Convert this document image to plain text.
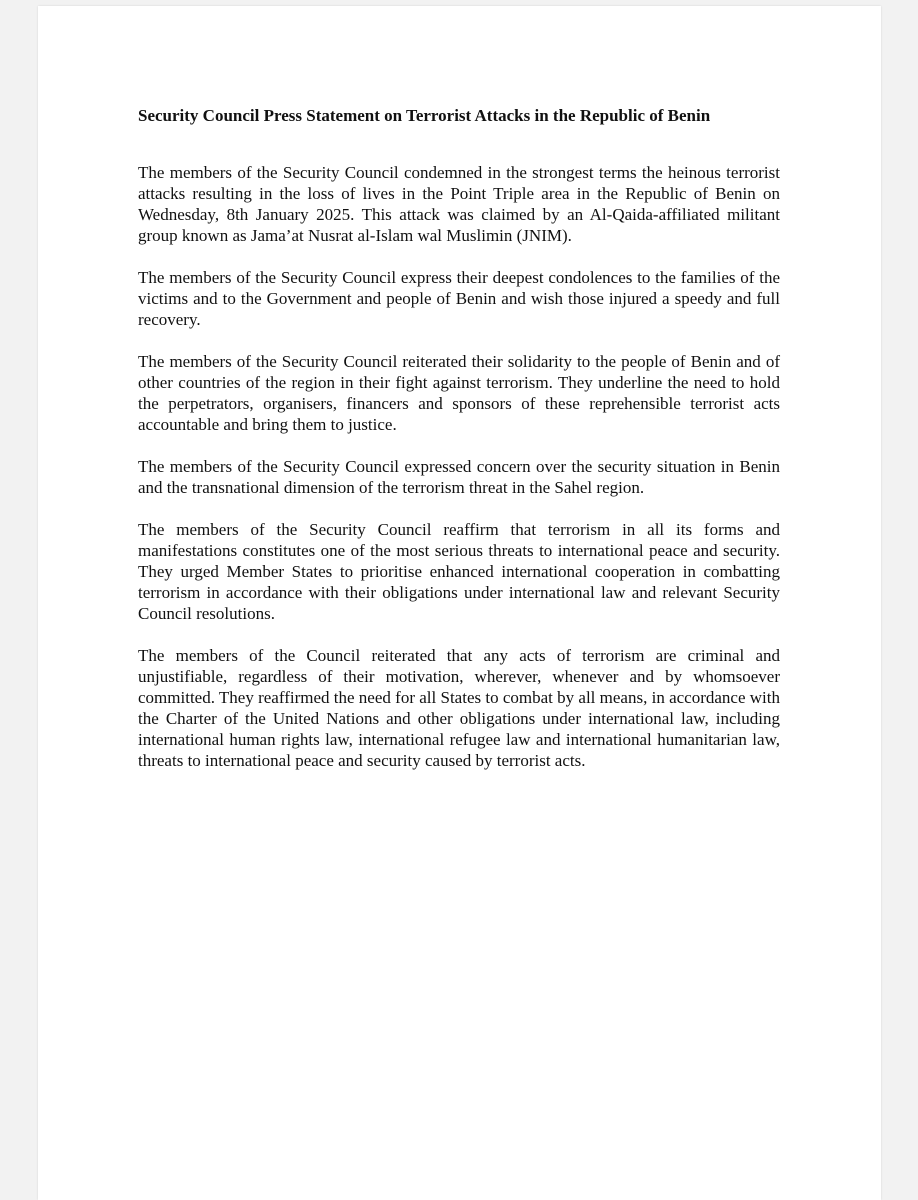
Security Council Press Statement on Terrorist Attacks in the Republic of Benin

The members of the Security Council condemned in the strongest terms the heinous terrorist attacks resulting in the loss of lives in the Point Triple area in the Republic of Benin on Wednesday, 8th January 2025. This attack was claimed by an Al-Qaida-affiliated militant group known as Jama’at Nusrat al-Islam wal Muslimin (JNIM).

The members of the Security Council express their deepest condolences to the families of the victims and to the Government and people of Benin and wish those injured a speedy and full recovery.

The members of the Security Council reiterated their solidarity to the people of Benin and of other countries of the region in their fight against terrorism. They underline the need to hold the perpetrators, organisers, financers and sponsors of these reprehensible terrorist acts accountable and bring them to justice.

The members of the Security Council expressed concern over the security situation in Benin and the transnational dimension of the terrorism threat in the Sahel region.

The members of the Security Council reaffirm that terrorism in all its forms and manifestations constitutes one of the most serious threats to international peace and security. They urged Member States to prioritise enhanced international cooperation in combatting terrorism in accordance with their obligations under international law and relevant Security Council resolutions.

The members of the Council reiterated that any acts of terrorism are criminal and unjustifiable, regardless of their motivation, wherever, whenever and by whomsoever committed. They reaffirmed the need for all States to combat by all means, in accordance with the Charter of the United Nations and other obligations under international law, including international human rights law, international refugee law and international humanitarian law, threats to international peace and security caused by terrorist acts.
